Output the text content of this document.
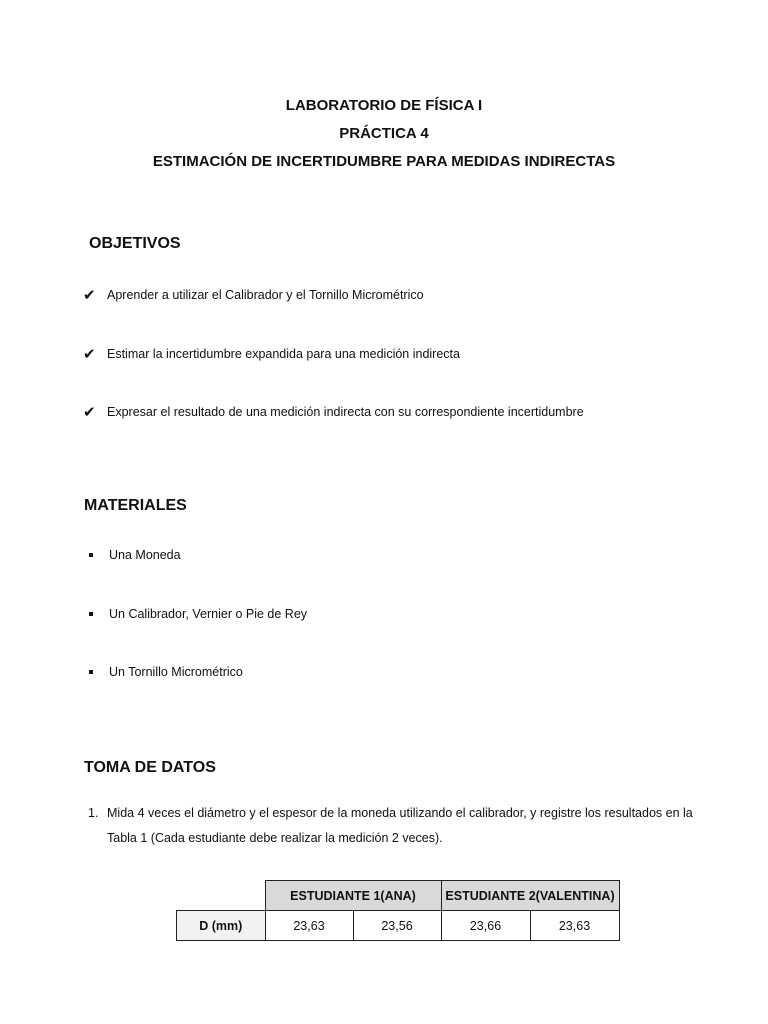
LABORATORIO DE FÍSICA I
PRÁCTICA 4
ESTIMACIÓN DE INCERTIDUMBRE PARA MEDIDAS INDIRECTAS
OBJETIVOS
✔ Aprender a utilizar el Calibrador y el Tornillo Micrométrico
✔ Estimar la incertidumbre expandida para una medición indirecta
✔ Expresar el resultado de una medición indirecta con su correspondiente incertidumbre
MATERIALES
Una Moneda
Un Calibrador, Vernier o Pie de Rey
Un Tornillo Micrométrico
TOMA DE DATOS
1. Mida 4 veces el diámetro y el espesor de la moneda utilizando el calibrador, y registre los resultados en la Tabla 1 (Cada estudiante debe realizar la medición 2 veces).
	ESTUDIANTE 1(ANA)		ESTUDIANTE 2(VALENTINA)	
D (mm)	23,63	23,56	23,66	23,63
